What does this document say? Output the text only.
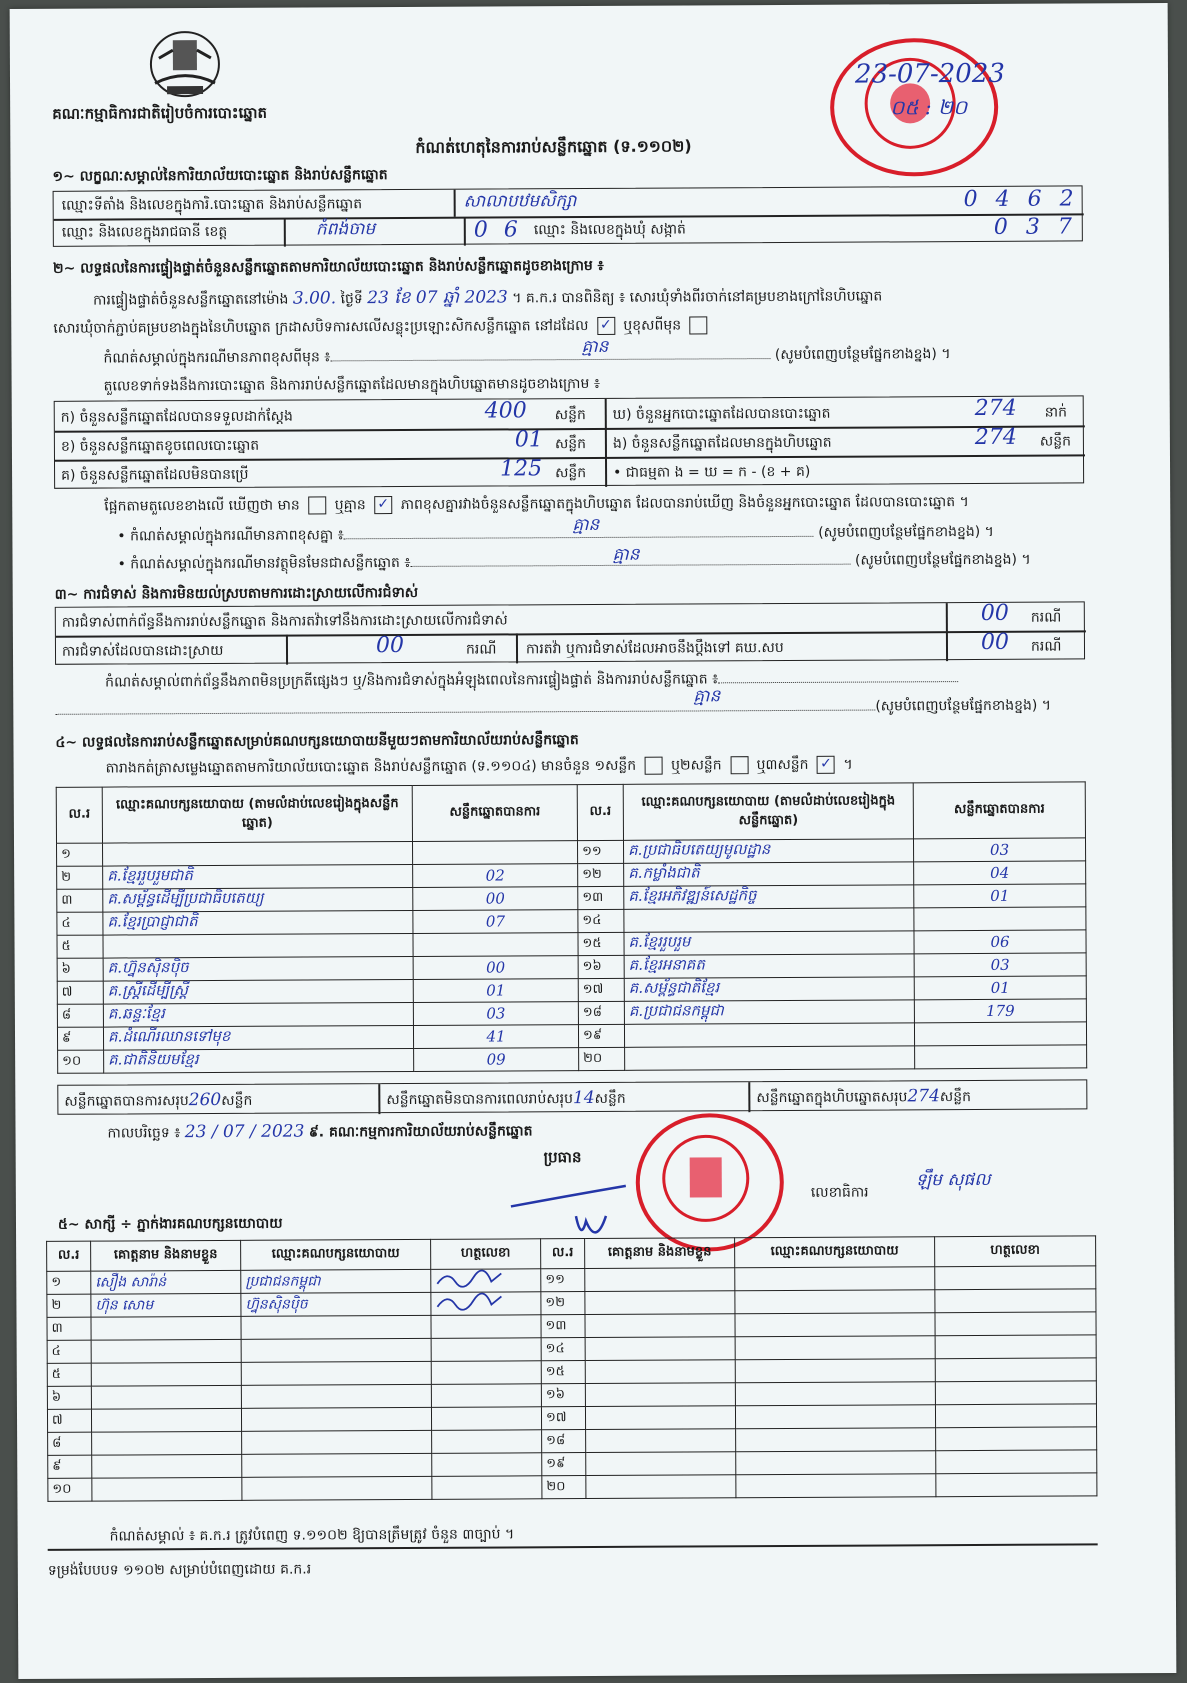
គណៈកម្មាធិការជាតិរៀបចំការបោះឆ្នោត
23-07-2023
០៥ : ២០
កំណត់ហេតុនៃការរាប់សន្លឹកឆ្នោត (ទ.១១០២)
១~ លក្ខណៈសម្គាល់នៃការិយាល័យបោះឆ្នោត និងរាប់សន្លឹកឆ្នោត
ឈ្មោះទីតាំង និងលេខក្នុងការិ.បោះឆ្នោត និងរាប់សន្លឹកឆ្នោត	សាលាបឋមសិក្សា
ឈ្មោះ និងលេខក្នុងរាជធានី ខេត្ត	កំពង់ចាម	06 ឈ្មោះ និងលេខក្នុងឃុំ សង្កាត់
0462
037
២~ លទ្ធផលនៃការផ្ទៀងផ្ទាត់ចំនួនសន្លឹកឆ្នោតតាមការិយាល័យបោះឆ្នោត និងរាប់សន្លឹកឆ្នោតដូចខាងក្រោម ៖
ការផ្ទៀងផ្ទាត់ចំនួនសន្លឹកឆ្នោតនៅម៉ោង 3.00. ថ្ងៃទី 23 ខែ 07 ឆ្នាំ 2023 ។ គ.ក.រ បានពិនិត្យ ៖ សោរឃុំទាំងពីរចាក់នៅគម្របខាងក្រៅនៃហិបឆ្នោត
សោរឃុំចាក់ភ្ជាប់គម្របខាងក្នុងនៃហិបឆ្នោត ក្រដាសបិទការសលើសន្លុះប្រឡោះសិកសន្លឹកឆ្នោត នៅដដែល ✓ ឬខុសពីមុន
កំណត់សម្គាល់ក្នុងករណីមានភាពខុសពីមុន ៖	(សូមបំពេញបន្ថែមផ្នែកខាងខ្នង) ។
គ្មាន
តួលេខទាក់ទងនឹងការបោះឆ្នោត និងការរាប់សន្លឹកឆ្នោតដែលមានក្នុងហិបឆ្នោតមានដូចខាងក្រោម ៖
ក) ចំនួនសន្លឹកឆ្នោតដែលបានទទួលដាក់ស្តែង	400 សន្លឹក
ខ) ចំនួនសន្លឹកឆ្នោតខូចពេលបោះឆ្នោត	01 សន្លឹក
គ) ចំនួនសន្លឹកឆ្នោតដែលមិនបានប្រើ	125 សន្លឹក
ឃ) ចំនួនអ្នកបោះឆ្នោតដែលបានបោះឆ្នោត	274 នាក់
ង) ចំនួនសន្លឹកឆ្នោតដែលមានក្នុងហិបឆ្នោត	274 សន្លឹក
• ជាធម្មតា ង = ឃ = ក - (ខ + គ)
ផ្អែកតាមតួលេខខាងលើ ឃើញថា មាន ឬគ្មាន ✓ ភាពខុសគ្នារវាងចំនួនសន្លឹកឆ្នោតក្នុងហិបឆ្នោត ដែលបានរាប់ឃើញ និងចំនួនអ្នកបោះឆ្នោត ដែលបានបោះឆ្នោត ។
• កំណត់សម្គាល់ក្នុងករណីមានភាពខុសគ្នា ៖	(សូមបំពេញបន្ថែមផ្នែកខាងខ្នង) ។
គ្មាន
• កំណត់សម្គាល់ក្នុងករណីមានវត្ថុមិនមែនជាសន្លឹកឆ្នោត ៖	(សូមបំពេញបន្ថែមផ្នែកខាងខ្នង) ។
គ្មាន
៣~ ការជំទាស់ និងការមិនយល់ស្របតាមការដោះស្រាយលើការជំទាស់
ការជំទាស់ពាក់ព័ន្ធនឹងការរាប់សន្លឹកឆ្នោត និងការតវ៉ាទៅនឹងការដោះស្រាយលើការជំទាស់	00 ករណី
ការជំទាស់ដែលបានដោះស្រាយ	00	ករណី ការតវ៉ា ឬការជំទាស់ដែលអាចនឹងប្តឹងទៅ គឃ.សប	00 ករណី
កំណត់សម្គាល់ពាក់ព័ន្ធនឹងភាពមិនប្រក្រតីផ្សេងៗ ឬ/និងការជំទាស់ក្នុងអំឡុងពេលនៃការផ្ទៀងផ្ទាត់ និងការរាប់សន្លឹកឆ្នោត ៖
(សូមបំពេញបន្ថែមផ្នែកខាងខ្នង) ។
គ្មាន
៤~ លទ្ធផលនៃការរាប់សន្លឹកឆ្នោតសម្រាប់គណបក្សនយោបាយនីមួយៗតាមការិយាល័យរាប់សន្លឹកឆ្នោត
តារាងកត់ត្រាសម្លេងឆ្នោតតាមការិយាល័យបោះឆ្នោត និងរាប់សន្លឹកឆ្នោត (ទ.១១០៤) មានចំនួន ១សន្លឹក ឬ២សន្លឹក ឬ៣សន្លឹក ✓ ។
ល.រ	ឈ្មោះគណបក្សនយោបាយ (តាមលំដាប់លេខរៀងក្នុងសន្លឹកឆ្នោត)	សន្លឹកឆ្នោតបានការ	ល.រ	ឈ្មោះគណបក្សនយោបាយ (តាមលំដាប់លេខរៀងក្នុងសន្លឹកឆ្នោត)	សន្លឹកឆ្នោតបានការ
១			១១	គ.ប្រជាធិបតេយ្យមូលដ្ឋាន	03
២	គ.ខ្មែររួបរួមជាតិ	02	១២	គ.កម្លាំងជាតិ	04
៣	គ.សម្ព័ន្ធដើម្បីប្រជាធិបតេយ្យ	00	១៣	គ.ខ្មែរអភិវឌ្ឍន៍សេដ្ឋកិច្ច	01
៤	គ.ខ្មែរប្រាជ្ញាជាតិ	07	១៤		
៥			១៥	គ.ខ្មែររួបរួម	06
៦	គ.ហ្វ៊ុនស៊ិនប៉ិច	00	១៦	គ.ខ្មែរអនាគត	03
៧	គ.ស្ត្រីដើម្បីស្ត្រី	01	១៧	គ.សម្ព័ន្ធជាតិខ្មែរ	01
៨	គ.ឆន្ទៈខ្មែរ	03	១៨	គ.ប្រជាជនកម្ពុជា	179
៩	គ.ដំណើរឈានទៅមុខ	41	១៩		
១០	គ.ជាតិនិយមខ្មែរ	09	២០		
សន្លឹកឆ្នោតបានការសរុប260សន្លឹក	សន្លឹកឆ្នោតមិនបានការពេលរាប់សរុប14សន្លឹក	សន្លឹកឆ្នោតក្នុងហិបឆ្នោតសរុប274សន្លឹក
កាលបរិច្ឆេទ ៖ 23 / 07 / 2023 ៩. គណៈកម្មការការិយាល័យរាប់សន្លឹកឆ្នោត
ប្រធាន
លេខាធិការ
ឡឹម សុផល
៥~ សាក្សី ÷ ភ្នាក់ងារគណបក្សនយោបាយ
ល.រ	គោត្តនាម និងនាមខ្លួន	ឈ្មោះគណបក្សនយោបាយ	ហត្ថលេខា	ល.រ	គោត្តនាម និងនាមខ្លួន	ឈ្មោះគណបក្សនយោបាយ	ហត្ថលេខា
១	សឿង សារ៉ាន់	ប្រជាជនកម្ពុជា		១១			
២	ហ៊ុន សោម	ហ្វ៊ុនស៊ិនប៉ិច		១២			
៣				១៣			
៤				១៤			
៥				១៥			
៦				១៦			
៧				១៧			
៨				១៨			
៩				១៩			
១០				២០			
កំណត់សម្គាល់ ៖ គ.ក.រ ត្រូវបំពេញ ទ.១១០២ ឱ្យបានត្រឹមត្រូវ ចំនួន ៣ច្បាប់ ។
ទម្រង់បែបបទ ១១០២ សម្រាប់បំពេញដោយ គ.ក.រ
